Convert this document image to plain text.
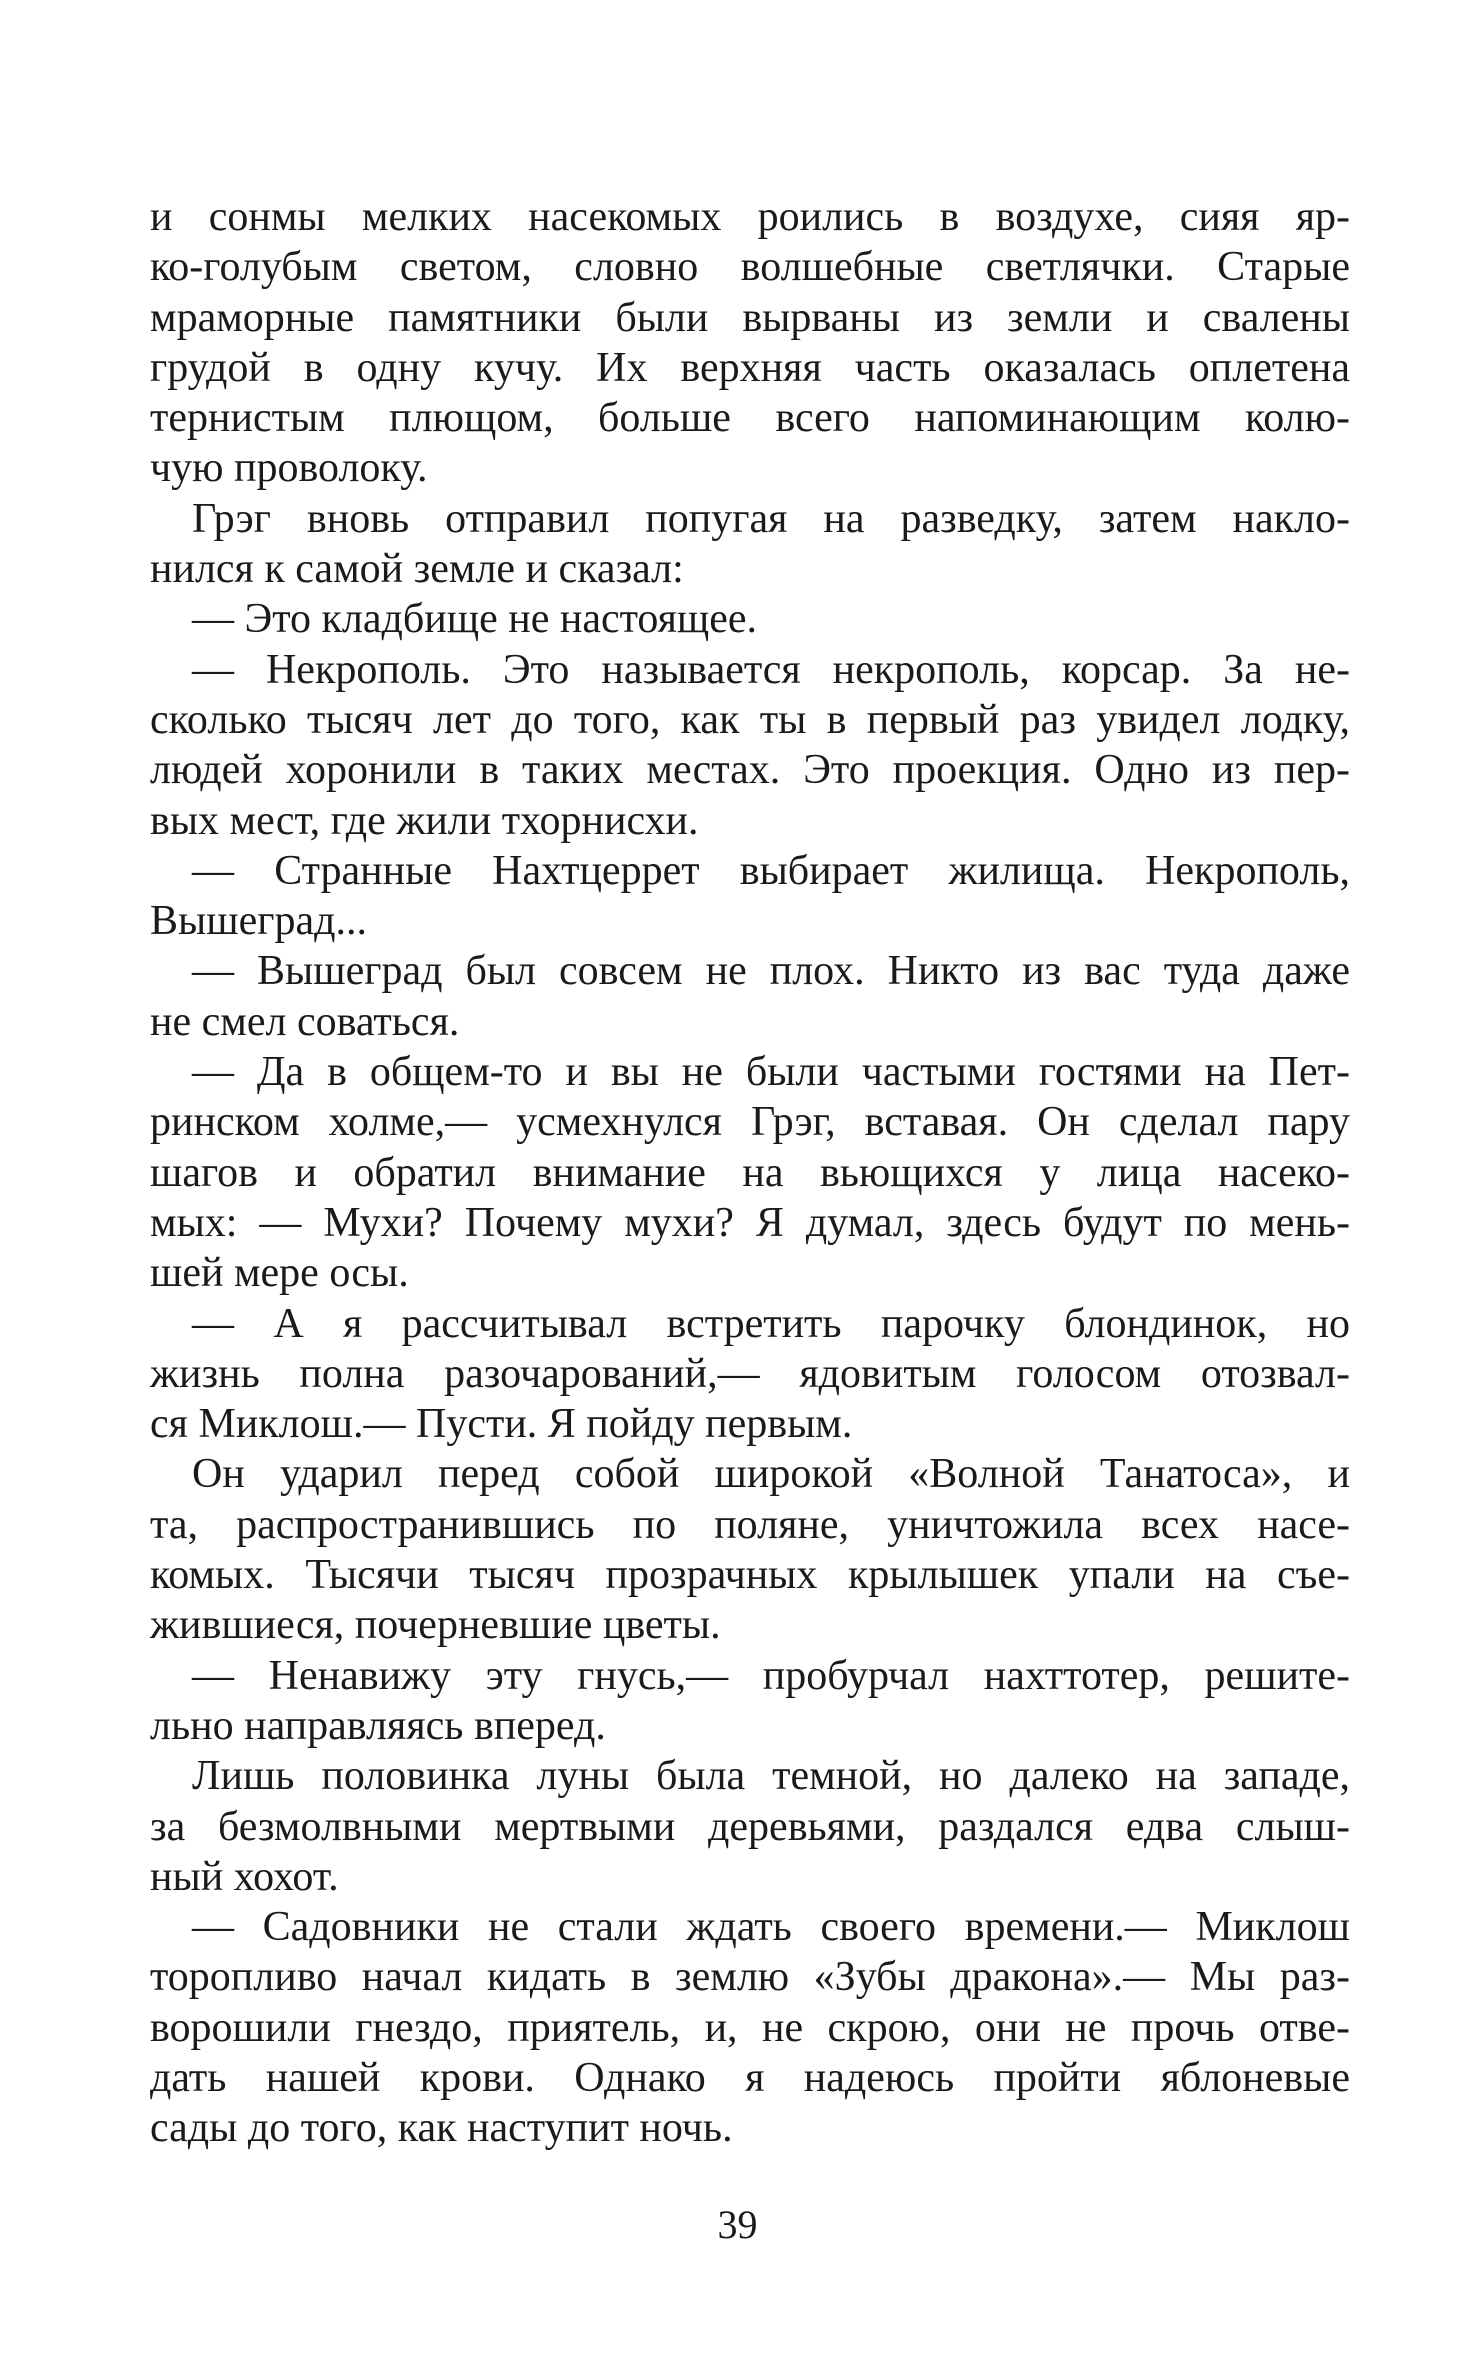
и сонмы мелких насекомых роились в воздухе, сияя яр-
ко-голубым светом, словно волшебные светлячки. Старые
мраморные памятники были вырваны из земли и свалены
грудой в одну кучу. Их верхняя часть оказалась оплетена
тернистым плющом, больше всего напоминающим колю-
чую проволоку.
Грэг вновь отправил попугая на разведку, затем накло-
нился к самой земле и сказал:
— Это кладбище не настоящее.
— Некрополь. Это называется некрополь, корсар. За не-
сколько тысяч лет до того, как ты в первый раз увидел лодку,
людей хоронили в таких местах. Это проекция. Одно из пер-
вых мест, где жили тхорнисхи.
— Странные Нахтцеррет выбирает жилища. Некрополь,
Вышеград...
— Вышеград был совсем не плох. Никто из вас туда даже
не смел соваться.
— Да в общем-то и вы не были частыми гостями на Пет-
ринском холме,— усмехнулся Грэг, вставая. Он сделал пару
шагов и обратил внимание на вьющихся у лица насеко-
мых: — Мухи? Почему мухи? Я думал, здесь будут по мень-
шей мере осы.
— А я рассчитывал встретить парочку блондинок, но
жизнь полна разочарований,— ядовитым голосом отозвал-
ся Миклош.— Пусти. Я пойду первым.
Он ударил перед собой широкой «Волной Танатоса», и
та, распространившись по поляне, уничтожила всех насе-
комых. Тысячи тысяч прозрачных крылышек упали на съе-
жившиеся, почерневшие цветы.
— Ненавижу эту гнусь,— пробурчал нахттотер, решите-
льно направляясь вперед.
Лишь половинка луны была темной, но далеко на западе,
за безмолвными мертвыми деревьями, раздался едва слыш-
ный хохот.
— Садовники не стали ждать своего времени.— Миклош
торопливо начал кидать в землю «Зубы дракона».— Мы раз-
ворошили гнездо, приятель, и, не скрою, они не прочь отве-
дать нашей крови. Однако я надеюсь пройти яблоневые
сады до того, как наступит ночь.
39
